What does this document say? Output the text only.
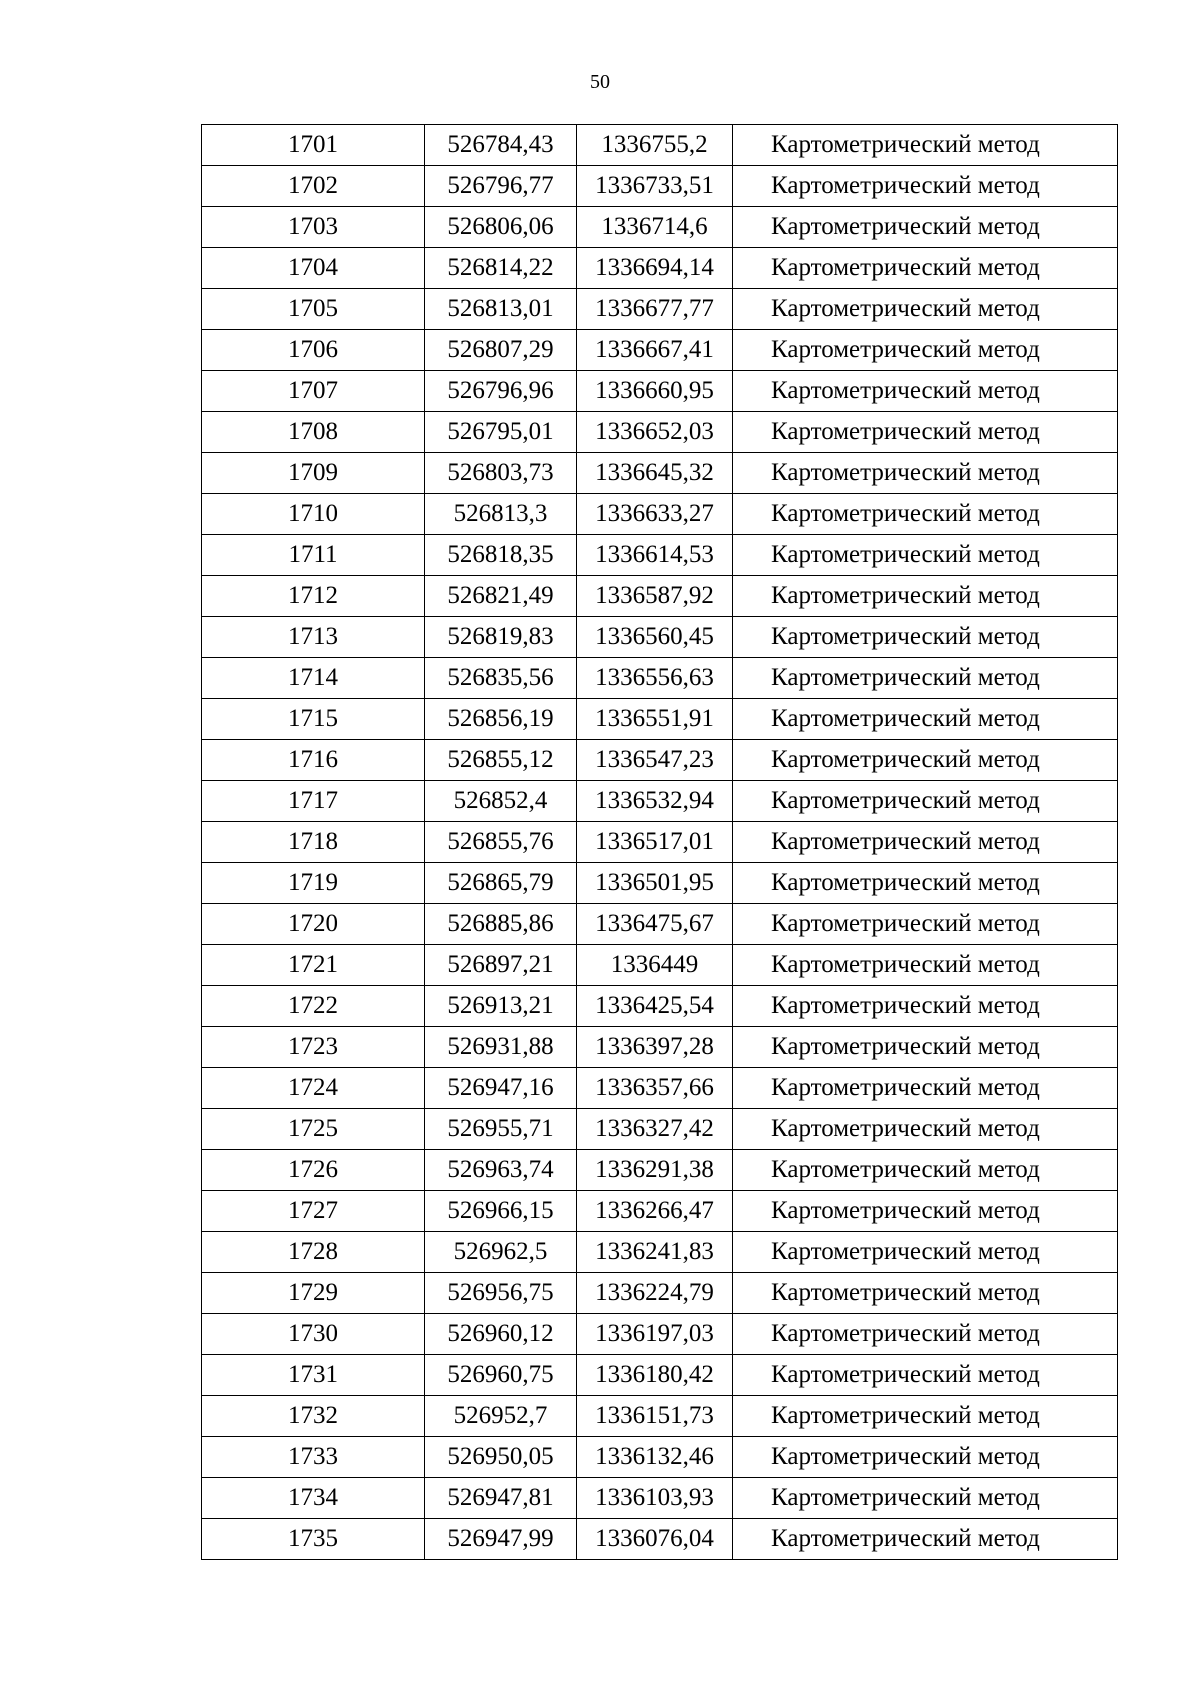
50
1701	526784,43	1336755,2	Картометрический метод
1702	526796,77	1336733,51	Картометрический метод
1703	526806,06	1336714,6	Картометрический метод
1704	526814,22	1336694,14	Картометрический метод
1705	526813,01	1336677,77	Картометрический метод
1706	526807,29	1336667,41	Картометрический метод
1707	526796,96	1336660,95	Картометрический метод
1708	526795,01	1336652,03	Картометрический метод
1709	526803,73	1336645,32	Картометрический метод
1710	526813,3	1336633,27	Картометрический метод
1711	526818,35	1336614,53	Картометрический метод
1712	526821,49	1336587,92	Картометрический метод
1713	526819,83	1336560,45	Картометрический метод
1714	526835,56	1336556,63	Картометрический метод
1715	526856,19	1336551,91	Картометрический метод
1716	526855,12	1336547,23	Картометрический метод
1717	526852,4	1336532,94	Картометрический метод
1718	526855,76	1336517,01	Картометрический метод
1719	526865,79	1336501,95	Картометрический метод
1720	526885,86	1336475,67	Картометрический метод
1721	526897,21	1336449	Картометрический метод
1722	526913,21	1336425,54	Картометрический метод
1723	526931,88	1336397,28	Картометрический метод
1724	526947,16	1336357,66	Картометрический метод
1725	526955,71	1336327,42	Картометрический метод
1726	526963,74	1336291,38	Картометрический метод
1727	526966,15	1336266,47	Картометрический метод
1728	526962,5	1336241,83	Картометрический метод
1729	526956,75	1336224,79	Картометрический метод
1730	526960,12	1336197,03	Картометрический метод
1731	526960,75	1336180,42	Картометрический метод
1732	526952,7	1336151,73	Картометрический метод
1733	526950,05	1336132,46	Картометрический метод
1734	526947,81	1336103,93	Картометрический метод
1735	526947,99	1336076,04	Картометрический метод
